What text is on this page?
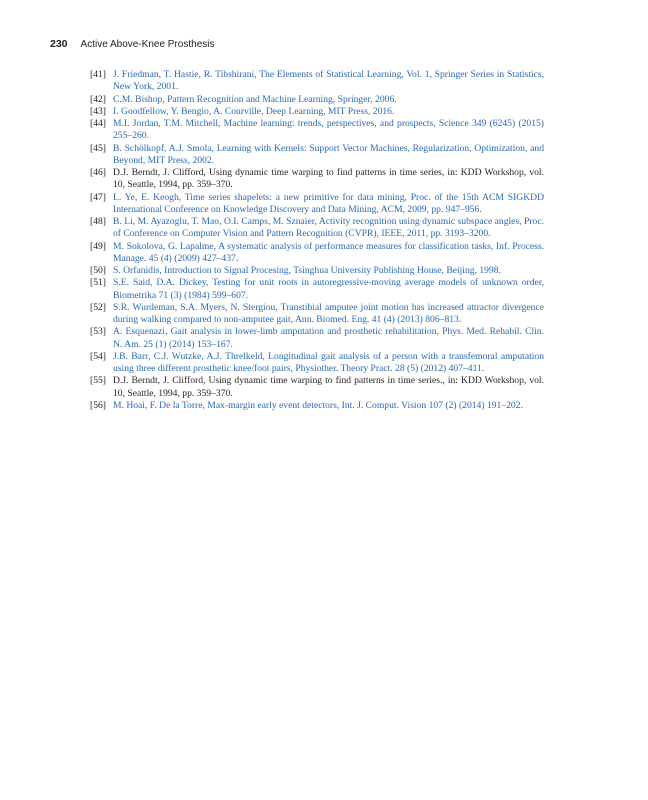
230 Active Above-Knee Prosthesis
[41] J. Friedman, T. Hastie, R. Tibshirani, The Elements of Statistical Learning, Vol. 1, Springer Series in Statistics, New York, 2001.
[42] C.M. Bishop, Pattern Recognition and Machine Learning, Springer, 2006.
[43] I. Goodfellow, Y. Bengio, A. Courville, Deep Learning, MIT Press, 2016.
[44] M.I. Jordan, T.M. Mitchell, Machine learning: trends, perspectives, and prospects, Science 349 (6245) (2015) 255–260.
[45] B. Schölkopf, A.J. Smola, Learning with Kernels: Support Vector Machines, Regularization, Optimization, and Beyond, MIT Press, 2002.
[46] D.J. Berndt, J. Clifford, Using dynamic time warping to find patterns in time series, in: KDD Workshop, vol. 10, Seattle, 1994, pp. 359–370.
[47] L. Ye, E. Keogh, Time series shapelets: a new primitive for data mining, Proc. of the 15th ACM SIGKDD International Conference on Knowledge Discovery and Data Mining, ACM, 2009, pp. 947–956.
[48] B. Li, M. Ayazoglu, T. Mao, O.I. Camps, M. Sznaier, Activity recognition using dynamic subspace angles, Proc. of Conference on Computer Vision and Pattern Recognition (CVPR), IEEE, 2011, pp. 3193–3200.
[49] M. Sokolova, G. Lapalme, A systematic analysis of performance measures for classification tasks, Inf. Process. Manage. 45 (4) (2009) 427–437.
[50] S. Orfanidis, Introduction to Signal Procesing, Tsinghua University Publishing House, Beijing, 1998.
[51] S.E. Said, D.A. Dickey, Testing for unit roots in autoregressive-moving average models of unknown order, Biometrika 71 (3) (1984) 599–607.
[52] S.R. Wurdeman, S.A. Myers, N. Stergiou, Transtibial amputee joint motion has increased attractor divergence during walking compared to non-amputee gait, Ann. Biomed. Eng. 41 (4) (2013) 806–813.
[53] A. Esquenazi, Gait analysis in lower-limb amputation and prosthetic rehabilitation, Phys. Med. Rehabil. Clin. N. Am. 25 (1) (2014) 153–167.
[54] J.B. Barr, C.J. Wutzke, A.J. Threlkeld, Longitudinal gait analysis of a person with a transfemoral amputation using three different prosthetic knee/foot pairs, Physiother. Theory Pract. 28 (5) (2012) 407–411.
[55] D.J. Berndt, J. Clifford, Using dynamic time warping to find patterns in time series., in: KDD Workshop, vol. 10, Seattle, 1994, pp. 359–370.
[56] M. Hoai, F. De la Torre, Max-margin early event detectors, Int. J. Comput. Vision 107 (2) (2014) 191–202.
